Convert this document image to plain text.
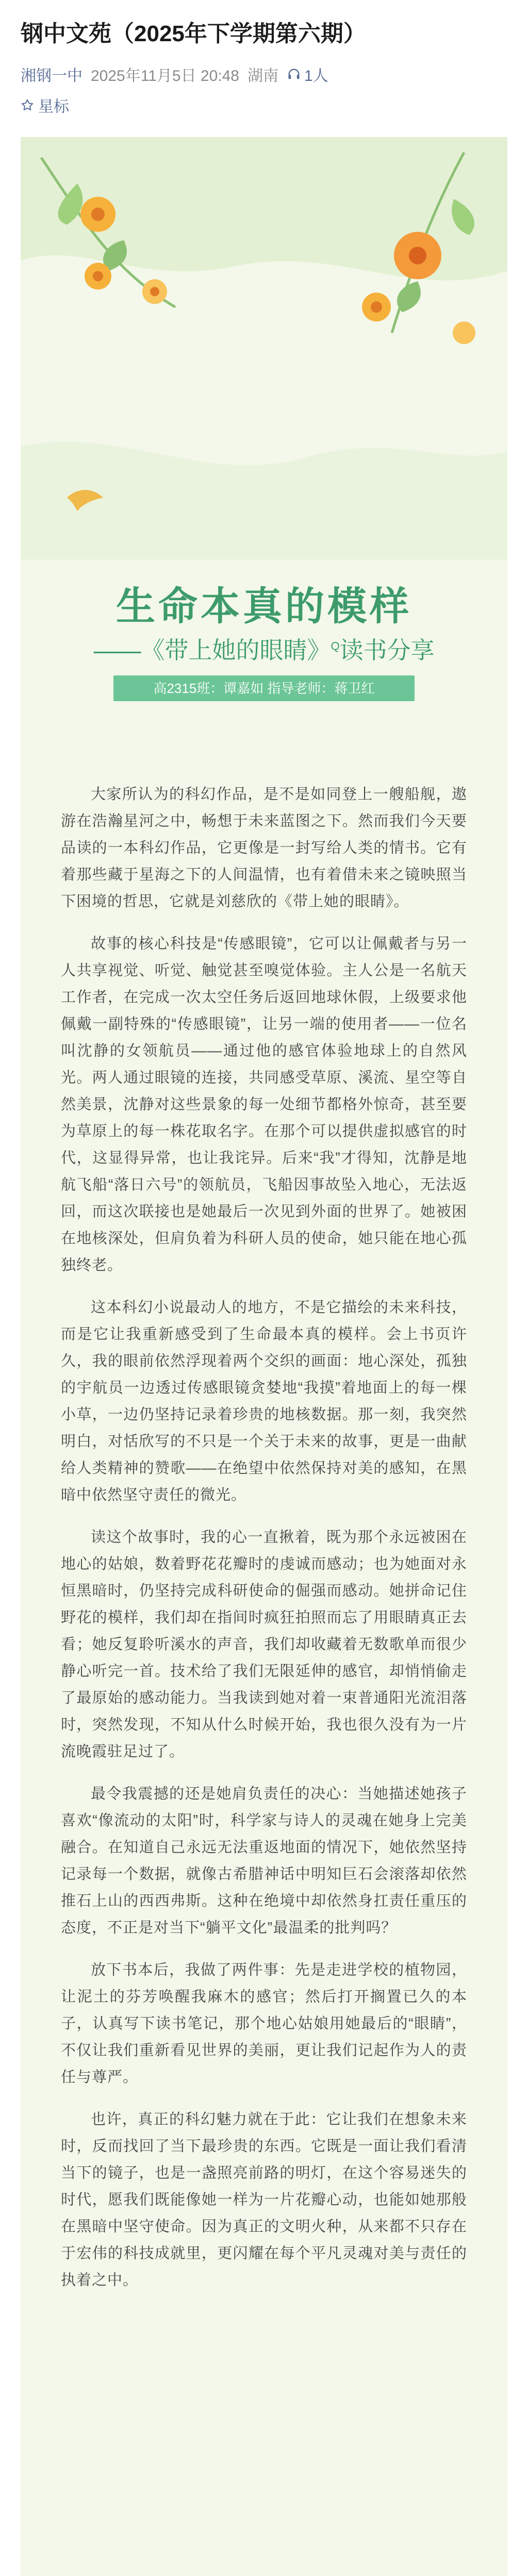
钢中文苑（2025年下学期第六期）
湘钢一中 2025年11月5日 20:48 湖南 1人
星标
生命本真的模样
——《带上她的眼睛》$^Q$读书分享
高2315班：谭嘉如 指导老师：蒋卫红

大家所认为的科幻作品，是不是如同登上一艘船舰，遨游在浩瀚星河之中，畅想于未来蓝图之下。然而我们今天要品读的一本科幻作品，它更像是一封写给人类的情书。它有着那些藏于星海之下的人间温情，也有着借未来之镜映照当下困境的哲思，它就是刘慈欣的《带上她的眼睛》。

故事的核心科技是“传感眼镜”，它可以让佩戴者与另一人共享视觉、听觉、触觉甚至嗅觉体验。主人公是一名航天工作者，在完成一次太空任务后返回地球休假，上级要求他佩戴一副特殊的“传感眼镜”，让另一端的使用者——一位名叫沈静的女领航员——通过他的感官体验地球上的自然风光。两人通过眼镜的连接，共同感受草原、溪流、星空等自然美景，沈静对这些景象的每一处细节都格外惊奇，甚至要为草原上的每一株花取名字。在那个可以提供虚拟感官的时代，这显得异常，也让我诧异。后来“我”才得知，沈静是地航飞船“落日六号”的领航员，飞船因事故坠入地心，无法返回，而这次联接也是她最后一次见到外面的世界了。她被困在地核深处，但肩负着为科研人员的使命，她只能在地心孤独终老。

这本科幻小说最动人的地方，不是它描绘的未来科技，而是它让我重新感受到了生命最本真的模样。会上书页许久，我的眼前依然浮现着两个交织的画面：地心深处，孤独的宇航员一边透过传感眼镜贪婪地“我摸”着地面上的每一棵小草，一边仍坚持记录着珍贵的地核数据。那一刻，我突然明白，对恬欣写的不只是一个关于未来的故事，更是一曲献给人类精神的赞歌——在绝望中依然保持对美的感知，在黑暗中依然坚守责任的微光。

读这个故事时，我的心一直揪着，既为那个永远被困在地心的姑娘，数着野花花瓣时的虔诚而感动；也为她面对永恒黑暗时，仍坚持完成科研使命的倔强而感动。她拼命记住野花的模样，我们却在指间时疯狂拍照而忘了用眼睛真正去看；她反复聆听溪水的声音，我们却收藏着无数歌单而很少静心听完一首。技术给了我们无限延伸的感官，却悄悄偷走了最原始的感动能力。当我读到她对着一束普通阳光流泪落时，突然发现，不知从什么时候开始，我也很久没有为一片流晚霞驻足过了。

最令我震撼的还是她肩负责任的决心：当她描述她孩子喜欢“像流动的太阳”时，科学家与诗人的灵魂在她身上完美融合。在知道自己永远无法重返地面的情况下，她依然坚持记录每一个数据，就像古希腊神话中明知巨石会滚落却依然推石上山的西西弗斯。这种在绝境中却依然身扛责任重压的态度，不正是对当下“躺平文化”最温柔的批判吗？

放下书本后，我做了两件事：先是走进学校的植物园，让泥土的芬芳唤醒我麻木的感官；然后打开搁置已久的本子，认真写下读书笔记，那个地心姑娘用她最后的“眼睛”，不仅让我们重新看见世界的美丽，更让我们记起作为人的责任与尊严。

也许，真正的科幻魅力就在于此：它让我们在想象未来时，反而找回了当下最珍贵的东西。它既是一面让我们看清当下的镜子，也是一盏照亮前路的明灯，在这个容易迷失的时代，愿我们既能像她一样为一片花瓣心动，也能如她那般在黑暗中坚守使命。因为真正的文明火种，从来都不只存在于宏伟的科技成就里，更闪耀在每个平凡灵魂对美与责任的执着之中。
